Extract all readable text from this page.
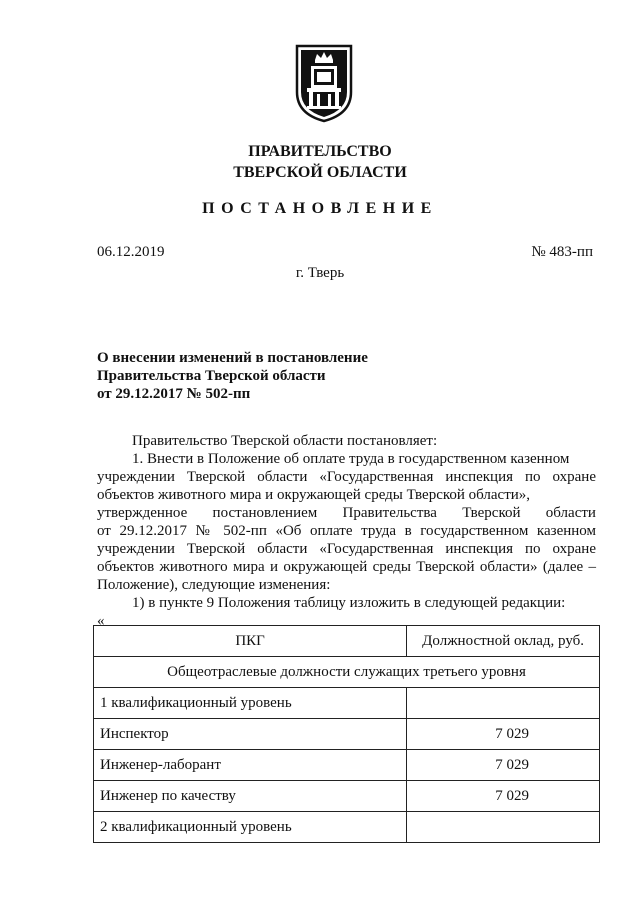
ПРАВИТЕЛЬСТВО
ТВЕРСКОЙ ОБЛАСТИ
ПОСТАНОВЛЕНИЕ
06.12.2019	№ 483-пп
г. Тверь
О внесении изменений в постановление
Правительства Тверской области
от 29.12.2017 № 502-пп

Правительство Тверской области постановляет:

1. Внести в Положение об оплате труда в государственном казенном

учреждении Тверской области «Государственная инспекция по охране объектов животного мира и окружающей среды Тверской области»,

утвержденное постановлением Правительства Тверской области

от 29.12.2017 № 502-пп «Об оплате труда в государственном казенном учреждении Тверской области «Государственная инспекция по охране объектов животного мира и окружающей среды Тверской области» (далее – Положение), следующие изменения:

1) в пункте 9 Положения таблицу изложить в следующей редакции:

«

ПКГ	Должностной оклад, руб.
Общеотраслевые должности служащих третьего уровня	
1 квалификационный уровень	
Инспектор	7 029
Инженер-лаборант	7 029
Инженер по качеству	7 029
2 квалификационный уровень	
